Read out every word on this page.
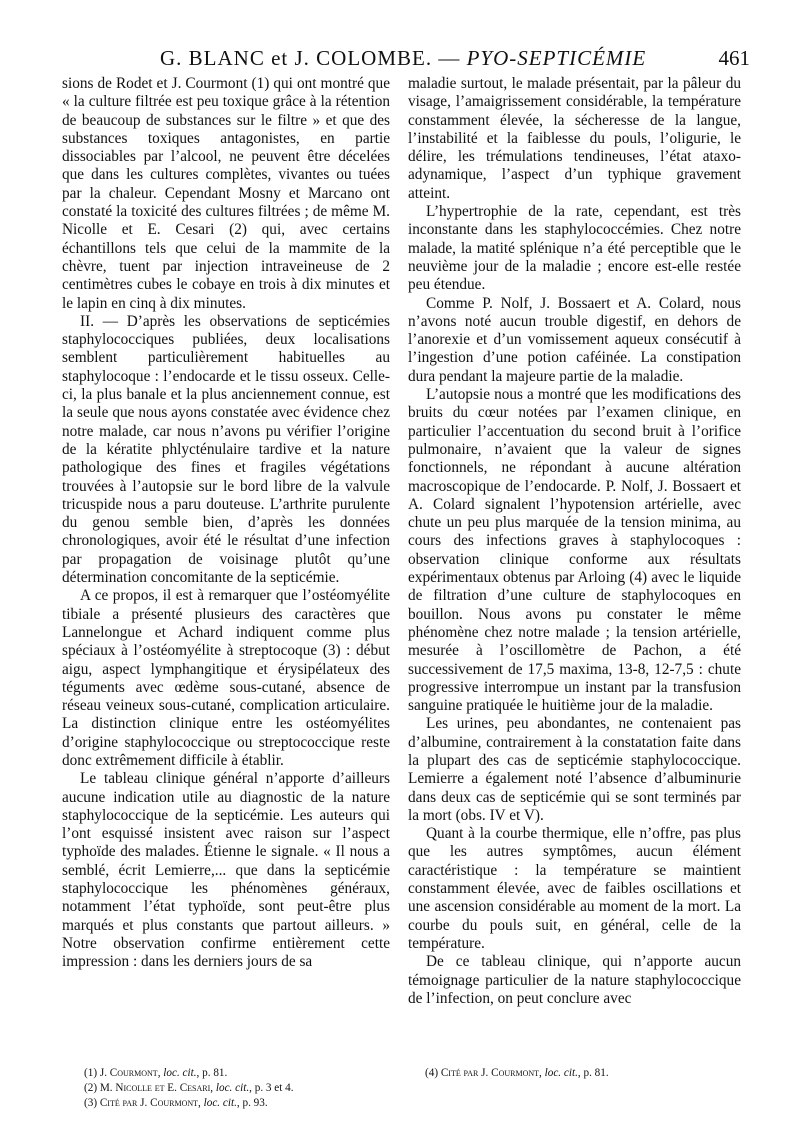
G. BLANC et J. COLOMBE. — PYO-SEPTICÉMIE	461

sions de Rodet et J. Courmont (1) qui ont montré que « la culture filtrée est peu toxique grâce à la rétention de beaucoup de substances sur le filtre » et que des substances toxiques antagonistes, en partie dissociables par l’alcool, ne peuvent être décelées que dans les cultures complètes, vivantes ou tuées par la chaleur. Cependant Mosny et Marcano ont constaté la toxicité des cultures filtrées ; de même M. Nicolle et E. Cesari (2) qui, avec certains échantillons tels que celui de la mammite de la chèvre, tuent par injection intraveineuse de 2 centimètres cubes le cobaye en trois à dix minutes et le lapin en cinq à dix minutes.

II. — D’après les observations de septicémies staphylococciques publiées, deux localisations semblent particulièrement habituelles au staphylocoque : l’endocarde et le tissu osseux. Celle-ci, la plus banale et la plus anciennement connue, est la seule que nous ayons constatée avec évidence chez notre malade, car nous n’avons pu vérifier l’origine de la kératite phlycténulaire tardive et la nature pathologique des fines et fragiles végétations trouvées à l’autopsie sur le bord libre de la valvule tricuspide nous a paru douteuse. L’arthrite purulente du genou semble bien, d’après les données chronologiques, avoir été le résultat d’une infection par propagation de voisinage plutôt qu’une détermination concomitante de la septicémie.

A ce propos, il est à remarquer que l’ostéomyélite tibiale a présenté plusieurs des caractères que Lannelongue et Achard indiquent comme plus spéciaux à l’ostéomyélite à streptocoque (3) : début aigu, aspect lymphangitique et érysipélateux des téguments avec œdème sous-cutané, absence de réseau veineux sous-cutané, complication articulaire. La distinction clinique entre les ostéomyélites d’origine staphylococcique ou streptococcique reste donc extrêmement difficile à établir.

Le tableau clinique général n’apporte d’ailleurs aucune indication utile au diagnostic de la nature staphylococcique de la septicémie. Les auteurs qui l’ont esquissé insistent avec raison sur l’aspect typhoïde des malades. Étienne le signale. « Il nous a semblé, écrit Lemierre,... que dans la septicémie staphylococcique les phénomènes généraux, notamment l’état typhoïde, sont peut-être plus marqués et plus constants que partout ailleurs. » Notre observation confirme entièrement cette impression : dans les derniers jours de sa

maladie surtout, le malade présentait, par la pâleur du visage, l’amaigrissement considérable, la température constamment élevée, la sécheresse de la langue, l’instabilité et la faiblesse du pouls, l’oligurie, le délire, les trémulations tendineuses, l’état ataxo-adynamique, l’aspect d’un typhique gravement atteint.

L’hypertrophie de la rate, cependant, est très inconstante dans les staphylococcémies. Chez notre malade, la matité splénique n’a été perceptible que le neuvième jour de la maladie ; encore est-elle restée peu étendue.

Comme P. Nolf, J. Bossaert et A. Colard, nous n’avons noté aucun trouble digestif, en dehors de l’anorexie et d’un vomissement aqueux consécutif à l’ingestion d’une potion caféinée. La constipation dura pendant la majeure partie de la maladie.

L’autopsie nous a montré que les modifications des bruits du cœur notées par l’examen clinique, en particulier l’accentuation du second bruit à l’orifice pulmonaire, n’avaient que la valeur de signes fonctionnels, ne répondant à aucune altération macroscopique de l’endocarde. P. Nolf, J. Bossaert et A. Colard signalent l’hypotension artérielle, avec chute un peu plus marquée de la tension minima, au cours des infections graves à staphylocoques : observation clinique conforme aux résultats expérimentaux obtenus par Arloing (4) avec le liquide de filtration d’une culture de staphylocoques en bouillon. Nous avons pu constater le même phénomène chez notre malade ; la tension artérielle, mesurée à l’oscillomètre de Pachon, a été successivement de 17,5 maxima, 13-8, 12-7,5 : chute progressive interrompue un instant par la transfusion sanguine pratiquée le huitième jour de la maladie.

Les urines, peu abondantes, ne contenaient pas d’albumine, contrairement à la constatation faite dans la plupart des cas de septicémie staphylococcique. Lemierre a également noté l’absence d’albuminurie dans deux cas de septicémie qui se sont terminés par la mort (obs. IV et V).

Quant à la courbe thermique, elle n’offre, pas plus que les autres symptômes, aucun élément caractéristique : la température se maintient constamment élevée, avec de faibles oscillations et une ascension considérable au moment de la mort. La courbe du pouls suit, en général, celle de la température.

De ce tableau clinique, qui n’apporte aucun témoignage particulier de la nature staphylococcique de l’infection, on peut conclure avec

(1) J. Courmont, loc. cit., p. 81.
(2) M. Nicolle et E. Cesari, loc. cit., p. 3 et 4.
(3) Cité par J. Courmont, loc. cit., p. 93.
(4) Cité par J. Courmont, loc. cit., p. 81.
